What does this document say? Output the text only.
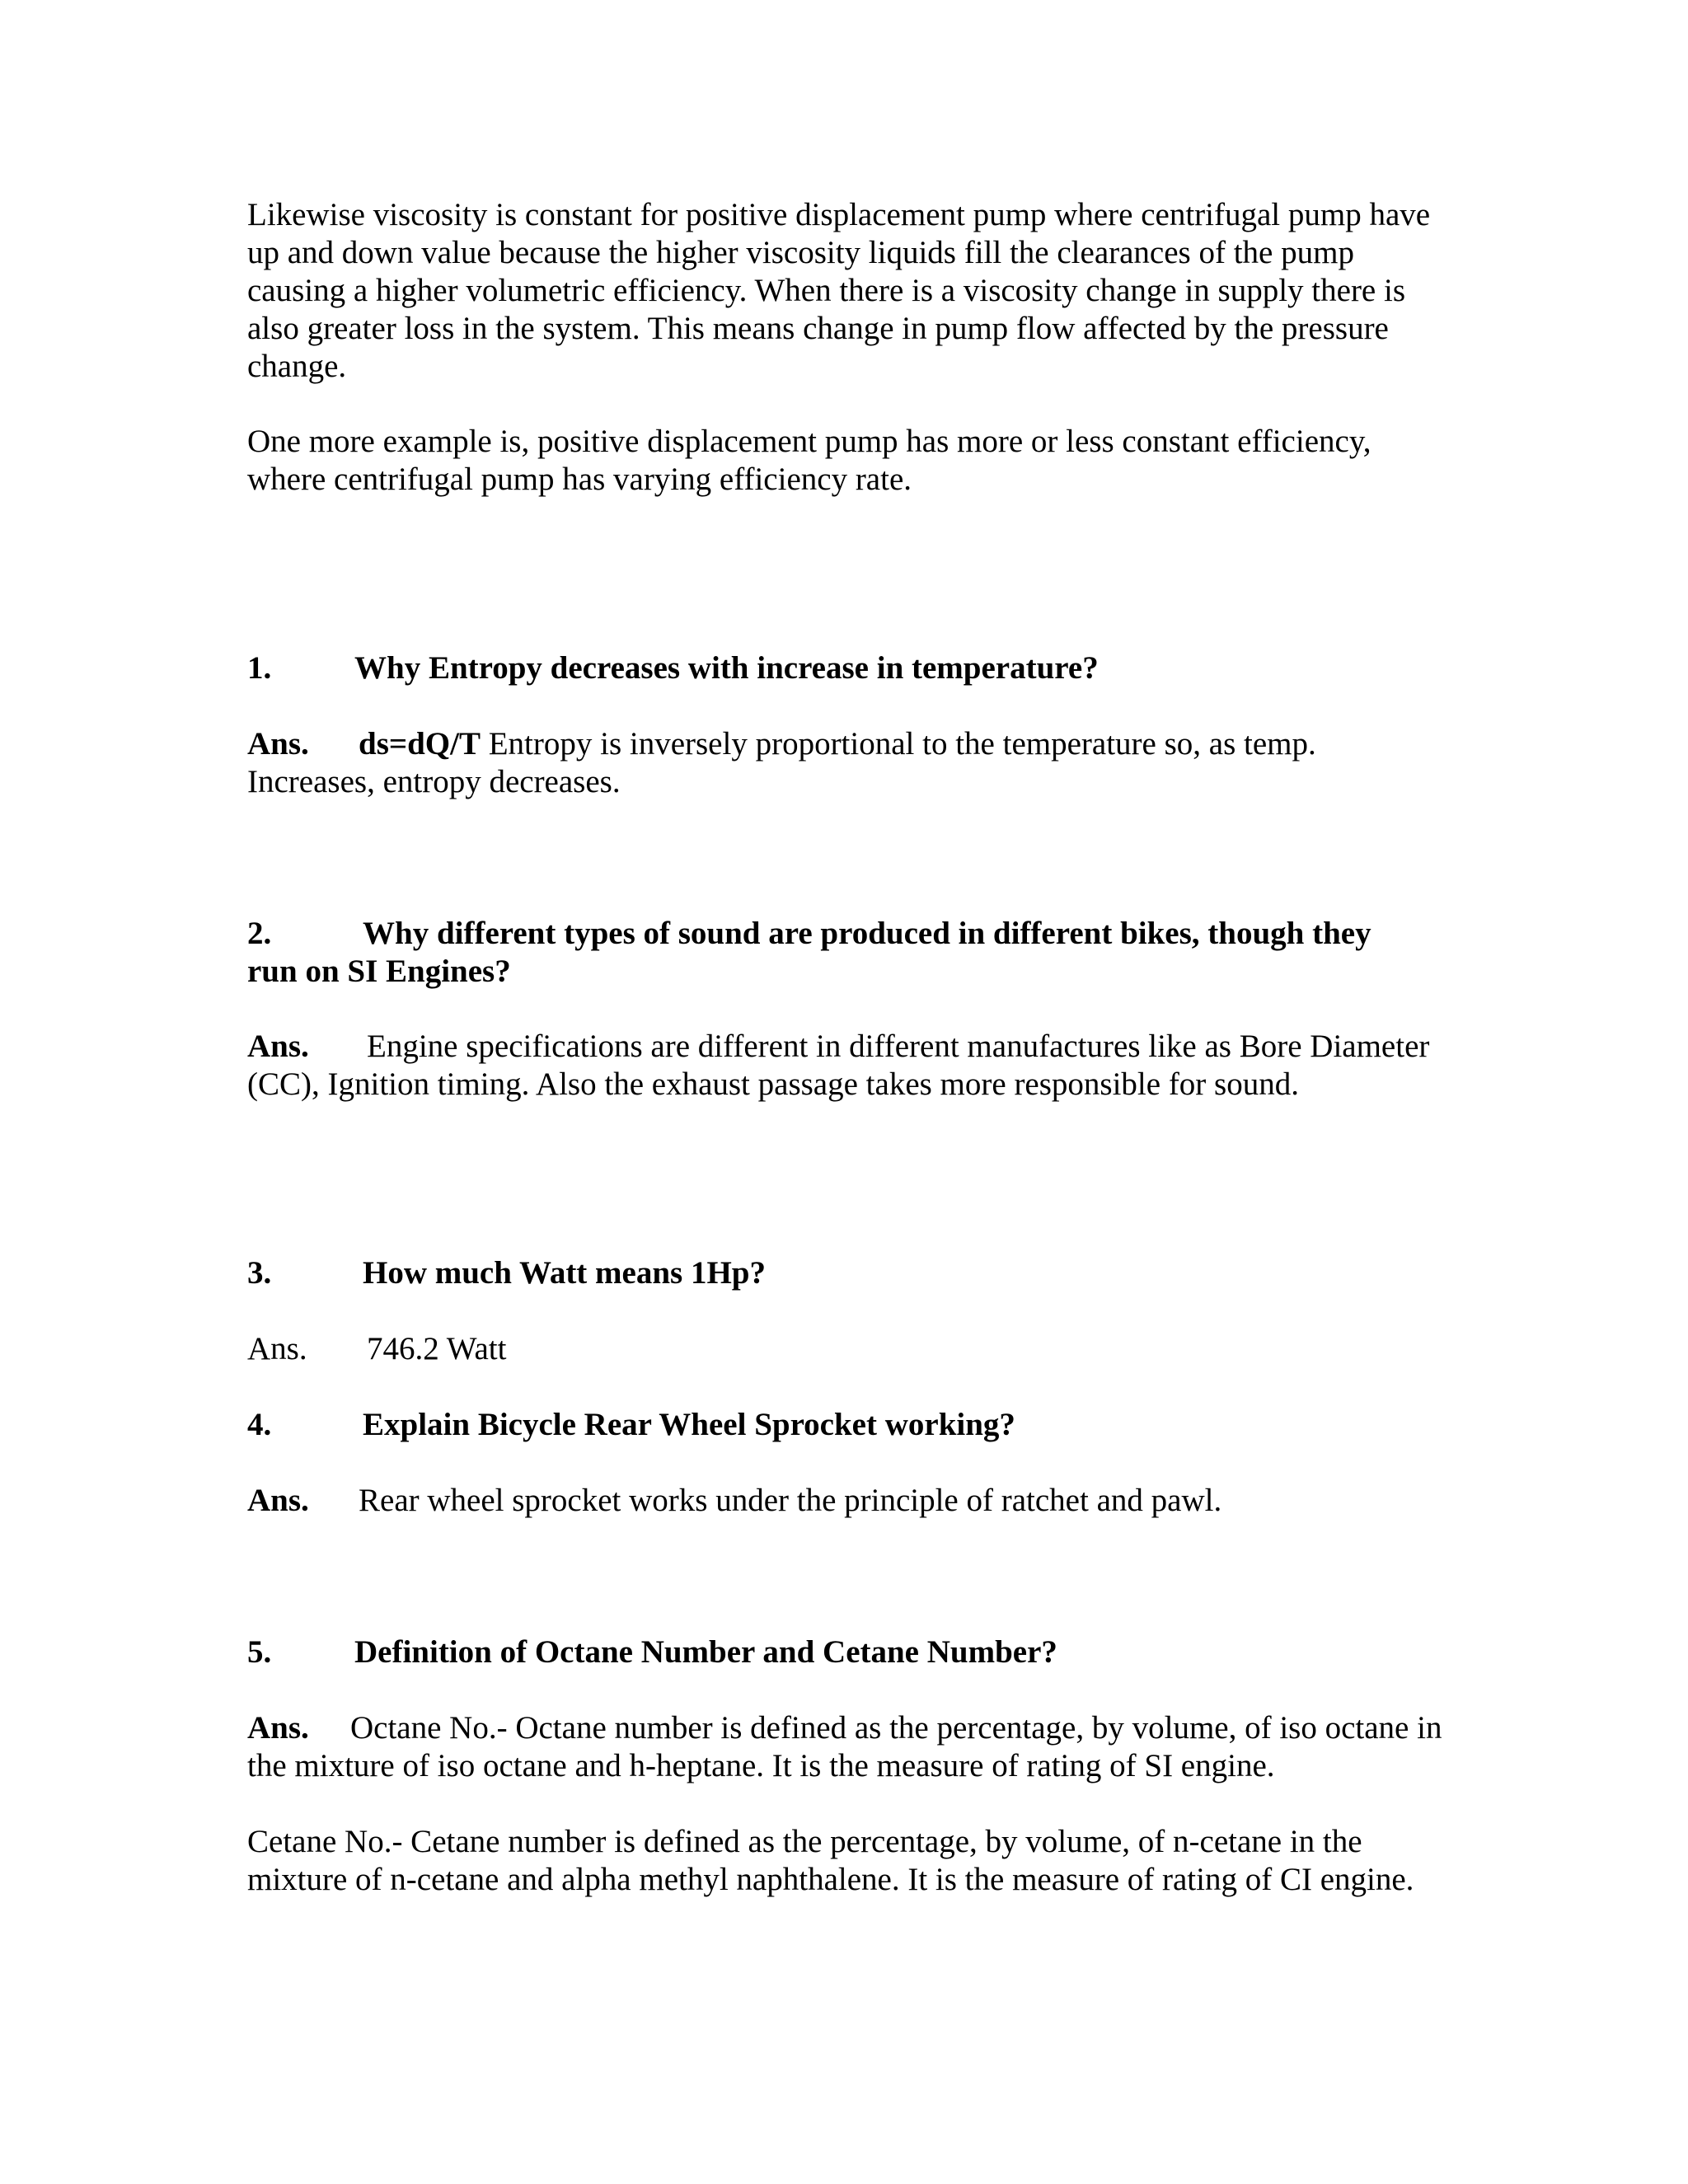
Likewise viscosity is constant for positive displacement pump where centrifugal pump have up and down value because the higher viscosity liquids fill the clearances of the pump causing a higher volumetric efficiency. When there is a viscosity change in supply there is also greater loss in the system. This means change in pump flow affected by the pressure change.

One more example is, positive displacement pump has more or less constant efficiency, where centrifugal pump has varying efficiency rate.

1.	Why Entropy decreases with increase in temperature?
Ans. ds=dQ/T Entropy is inversely proportional to the temperature so, as temp. Increases, entropy decreases.
2.	Why different types of sound are produced in different bikes, though they
run on SI Engines?
Ans. Engine specifications are different in different manufactures like as Bore Diameter (CC), Ignition timing. Also the exhaust passage takes more responsible for sound.
3.	How much Watt means 1Hp?
Ans. 746.2 Watt
4.	Explain Bicycle Rear Wheel Sprocket working?
Ans. Rear wheel sprocket works under the principle of ratchet and pawl.
5.	Definition of Octane Number and Cetane Number?
Ans. Octane No.- Octane number is defined as the percentage, by volume, of iso octane in the mixture of iso octane and h-heptane. It is the measure of rating of SI engine.

Cetane No.- Cetane number is defined as the percentage, by volume, of n-cetane in the mixture of n-cetane and alpha methyl naphthalene. It is the measure of rating of CI engine.
